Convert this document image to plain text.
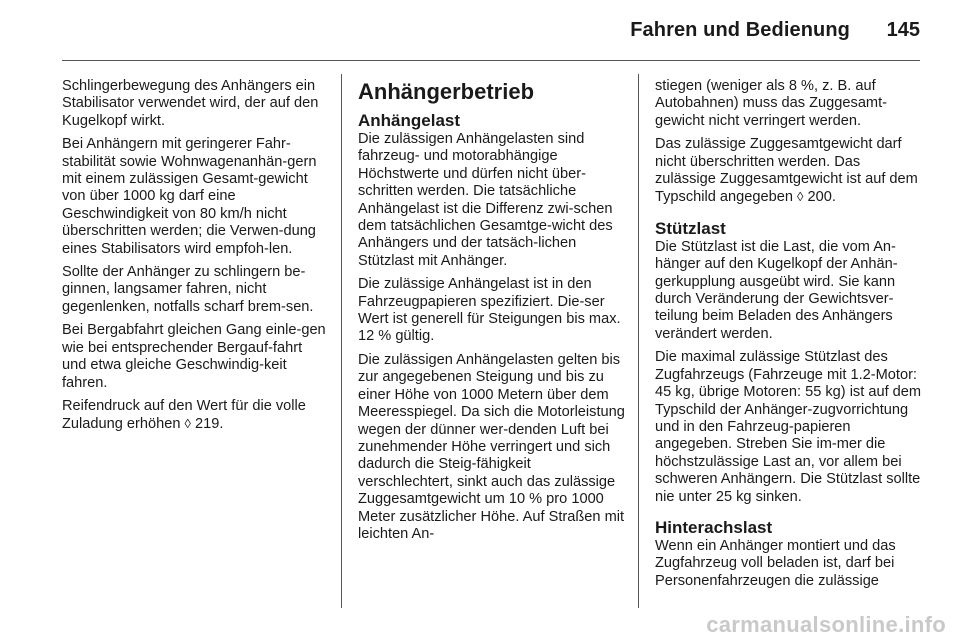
Fahren und Bedienung 145

Schlingerbewegung des Anhängers ein Stabilisator verwendet wird, der auf den Kugelkopf wirkt.

Bei Anhängern mit geringerer Fahr-stabilität sowie Wohnwagenanhän-gern mit einem zulässigen Gesamt-gewicht von über 1000 kg darf eine Geschwindigkeit von 80 km/h nicht überschritten werden; die Verwen-dung eines Stabilisators wird empfoh-len.

Sollte der Anhänger zu schlingern be-ginnen, langsamer fahren, nicht gegenlenken, notfalls scharf brem-sen.

Bei Bergabfahrt gleichen Gang einle-gen wie bei entsprechender Bergauf-fahrt und etwa gleiche Geschwindig-keit fahren.

Reifendruck auf den Wert für die volle Zuladung erhöhen ◊ 219.

Anhängerbetrieb
Anhängelast

Die zulässigen Anhängelasten sind fahrzeug- und motorabhängige Höchstwerte und dürfen nicht über-schritten werden. Die tatsächliche Anhängelast ist die Differenz zwi-schen dem tatsächlichen Gesamtge-wicht des Anhängers und der tatsäch-lichen Stützlast mit Anhänger.

Die zulässige Anhängelast ist in den Fahrzeugpapieren spezifiziert. Die-ser Wert ist generell für Steigungen bis max. 12 % gültig.

Die zulässigen Anhängelasten gelten bis zur angegebenen Steigung und bis zu einer Höhe von 1000 Metern über dem Meeresspiegel. Da sich die Motorleistung wegen der dünner wer-denden Luft bei zunehmender Höhe verringert und sich dadurch die Steig-fähigkeit verschlechtert, sinkt auch das zulässige Zuggesamtgewicht um 10 % pro 1000 Meter zusätzlicher Höhe. Auf Straßen mit leichten An-

stiegen (weniger als 8 %, z. B. auf Autobahnen) muss das Zuggesamt-gewicht nicht verringert werden.

Das zulässige Zuggesamtgewicht darf nicht überschritten werden. Das zulässige Zuggesamtgewicht ist auf dem Typschild angegeben ◊ 200.

Stützlast

Die Stützlast ist die Last, die vom An-hänger auf den Kugelkopf der Anhän-gerkupplung ausgeübt wird. Sie kann durch Veränderung der Gewichtsver-teilung beim Beladen des Anhängers verändert werden.

Die maximal zulässige Stützlast des Zugfahrzeugs (Fahrzeuge mit 1.2-Motor: 45 kg, übrige Motoren: 55 kg) ist auf dem Typschild der Anhänger-zugvorrichtung und in den Fahrzeug-papieren angegeben. Streben Sie im-mer die höchstzulässige Last an, vor allem bei schweren Anhängern. Die Stützlast sollte nie unter 25 kg sinken.

Hinterachslast

Wenn ein Anhänger montiert und das Zugfahrzeug voll beladen ist, darf bei Personenfahrzeugen die zulässige

carmanualsonline.info
